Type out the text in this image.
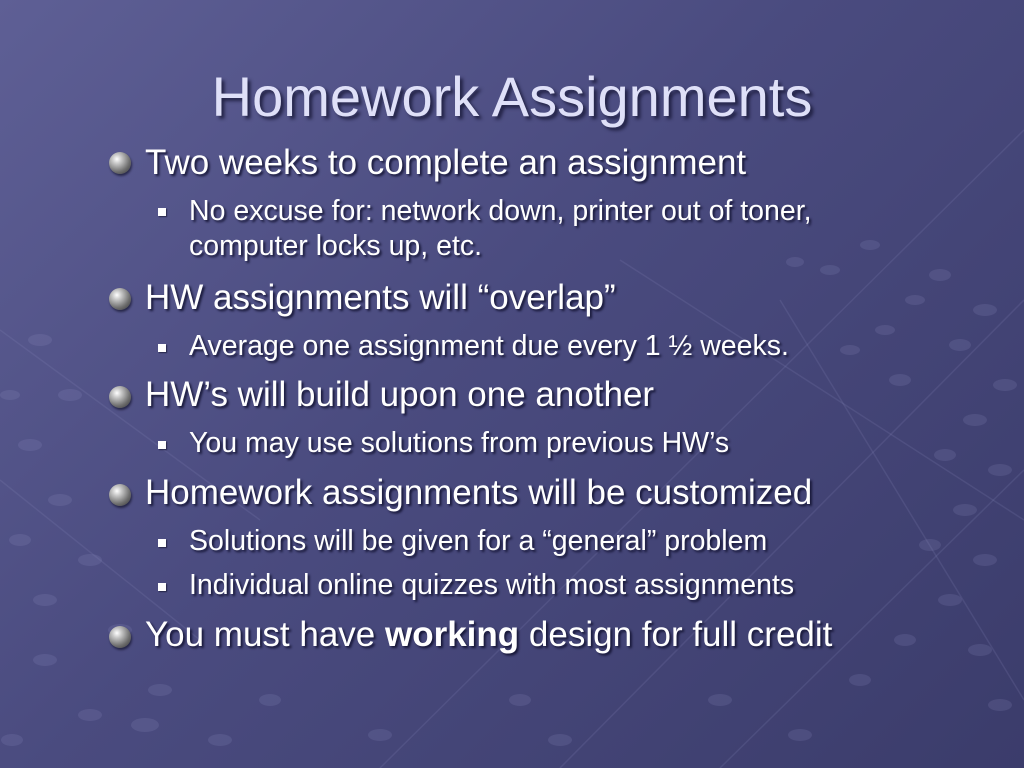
Homework Assignments
Two weeks to complete an assignment
No excuse for: network down, printer out of toner,
computer locks up, etc.
HW assignments will “overlap”
Average one assignment due every 1 ½ weeks.
HW’s will build upon one another
You may use solutions from previous HW’s
Homework assignments will be customized
Solutions will be given for a “general” problem
Individual online quizzes with most assignments
You must have working design for full credit
